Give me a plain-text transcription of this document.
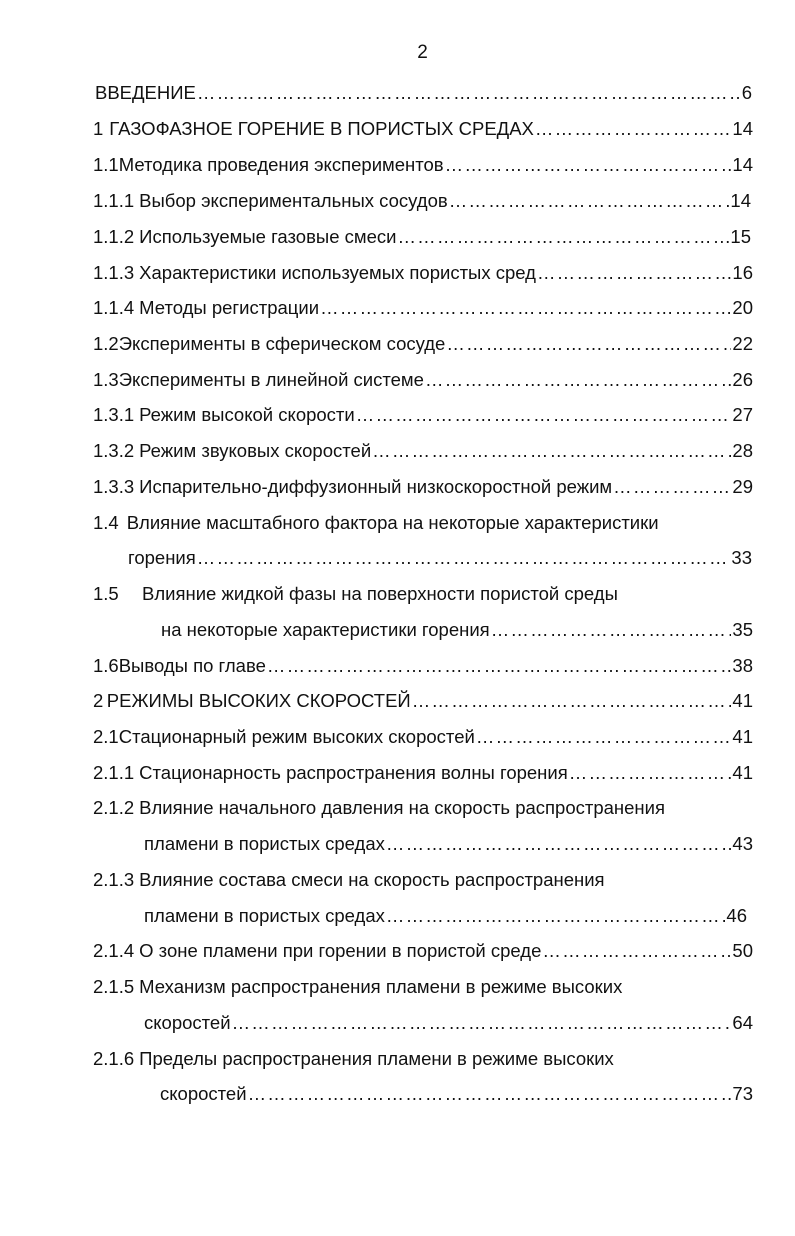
2
ВВЕДЕНИЕ ………………………………………………………………………………………………………………………………………………………………	6
1 ГАЗОФАЗНОЕ ГОРЕНИЕ В ПОРИСТЫХ СРЕДАХ ………………………………………………………………………………………………………………………………………………………………	14
1.1 Методика проведения экспериментов ………………………………………………………………………………………………………………………………………………………………	14
1.1.1 Выбор экспериментальных сосудов ………………………………………………………………………………………………………………………………………………………………	14
1.1.2 Используемые газовые смеси ………………………………………………………………………………………………………………………………………………………………	15
1.1.3 Характеристики используемых пористых сред ………………………………………………………………………………………………………………………………………………………………	16
1.1.4 Методы регистрации ………………………………………………………………………………………………………………………………………………………………	20
1.2 Эксперименты в сферическом сосуде ………………………………………………………………………………………………………………………………………………………………	22
1.3 Эксперименты в линейной системе ………………………………………………………………………………………………………………………………………………………………	26
1.3.1 Режим высокой скорости ………………………………………………………………………………………………………………………………………………………………	27
1.3.2 Режим звуковых скоростей ………………………………………………………………………………………………………………………………………………………………	28
1.3.3 Испарительно-диффузионный низкоскоростной режим ………………………………………………………………………………………………………………………………………………………………	29
1.4 Влияние масштабного фактора на некоторые характеристики
горения ………………………………………………………………………………………………………………………………………………………………	33
1.5	Влияние жидкой фазы на поверхности пористой среды
на некоторые характеристики горения ………………………………………………………………………………………………………………………………………………………………	35
1.6 Выводы по главе ………………………………………………………………………………………………………………………………………………………………	38
2 РЕЖИМЫ ВЫСОКИХ СКОРОСТЕЙ ………………………………………………………………………………………………………………………………………………………………	41
2.1 Стационарный режим высоких скоростей ………………………………………………………………………………………………………………………………………………………………	41
2.1.1 Стационарность распространения волны горения ………………………………………………………………………………………………………………………………………………………………	41
2.1.2 Влияние начального давления на скорость распространения
пламени в пористых средах ………………………………………………………………………………………………………………………………………………………………	43
2.1.3 Влияние состава смеси на скорость распространения
пламени в пористых средах ………………………………………………………………………………………………………………………………………………………………	46
2.1.4 О зоне пламени при горении в пористой среде ………………………………………………………………………………………………………………………………………………………………	50
2.1.5 Механизм распространения пламени в режиме высоких
скоростей ………………………………………………………………………………………………………………………………………………………………	64
2.1.6 Пределы распространения пламени в режиме высоких
скоростей ………………………………………………………………………………………………………………………………………………………………	73
